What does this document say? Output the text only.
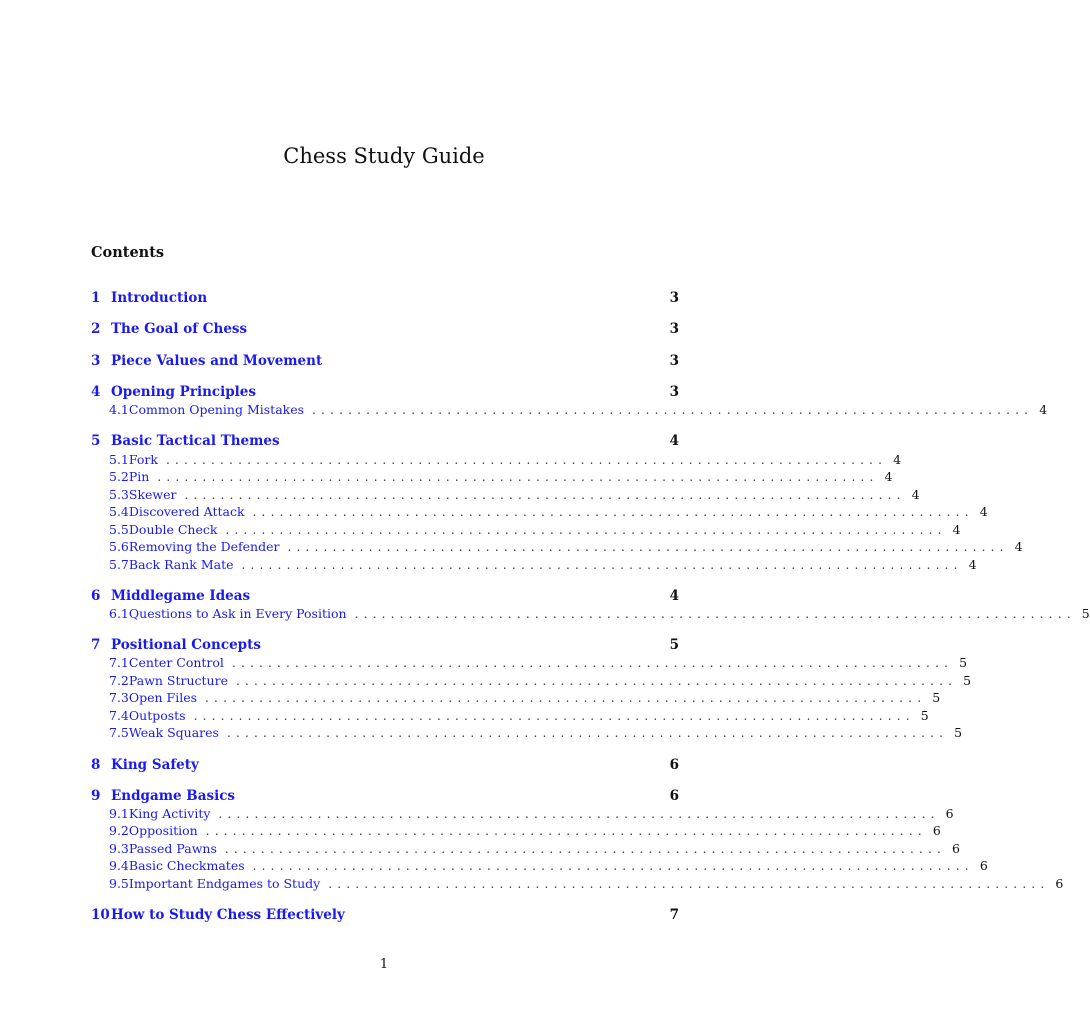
Chess Study Guide
Contents
1 Introduction	3
2 The Goal of Chess	3
3 Piece Values and Movement	3
4 Opening Principles	3
4.1 Common Opening Mistakes ................................................................................ 4
5 Basic Tactical Themes	4
5.1 Fork ................................................................................ 4
5.2 Pin ................................................................................ 4
5.3 Skewer ................................................................................ 4
5.4 Discovered Attack ................................................................................ 4
5.5 Double Check ................................................................................ 4
5.6 Removing the Defender ................................................................................ 4
5.7 Back Rank Mate ................................................................................ 4
6 Middlegame Ideas	4
6.1 Questions to Ask in Every Position ................................................................................ 5
7 Positional Concepts	5
7.1 Center Control ................................................................................ 5
7.2 Pawn Structure ................................................................................ 5
7.3 Open Files ................................................................................ 5
7.4 Outposts ................................................................................ 5
7.5 Weak Squares ................................................................................ 5
8 King Safety	6
9 Endgame Basics	6
9.1 King Activity ................................................................................ 6
9.2 Opposition ................................................................................ 6
9.3 Passed Pawns ................................................................................ 6
9.4 Basic Checkmates ................................................................................ 6
9.5 Important Endgames to Study ................................................................................ 6
10 How to Study Chess Effectively	7
1
